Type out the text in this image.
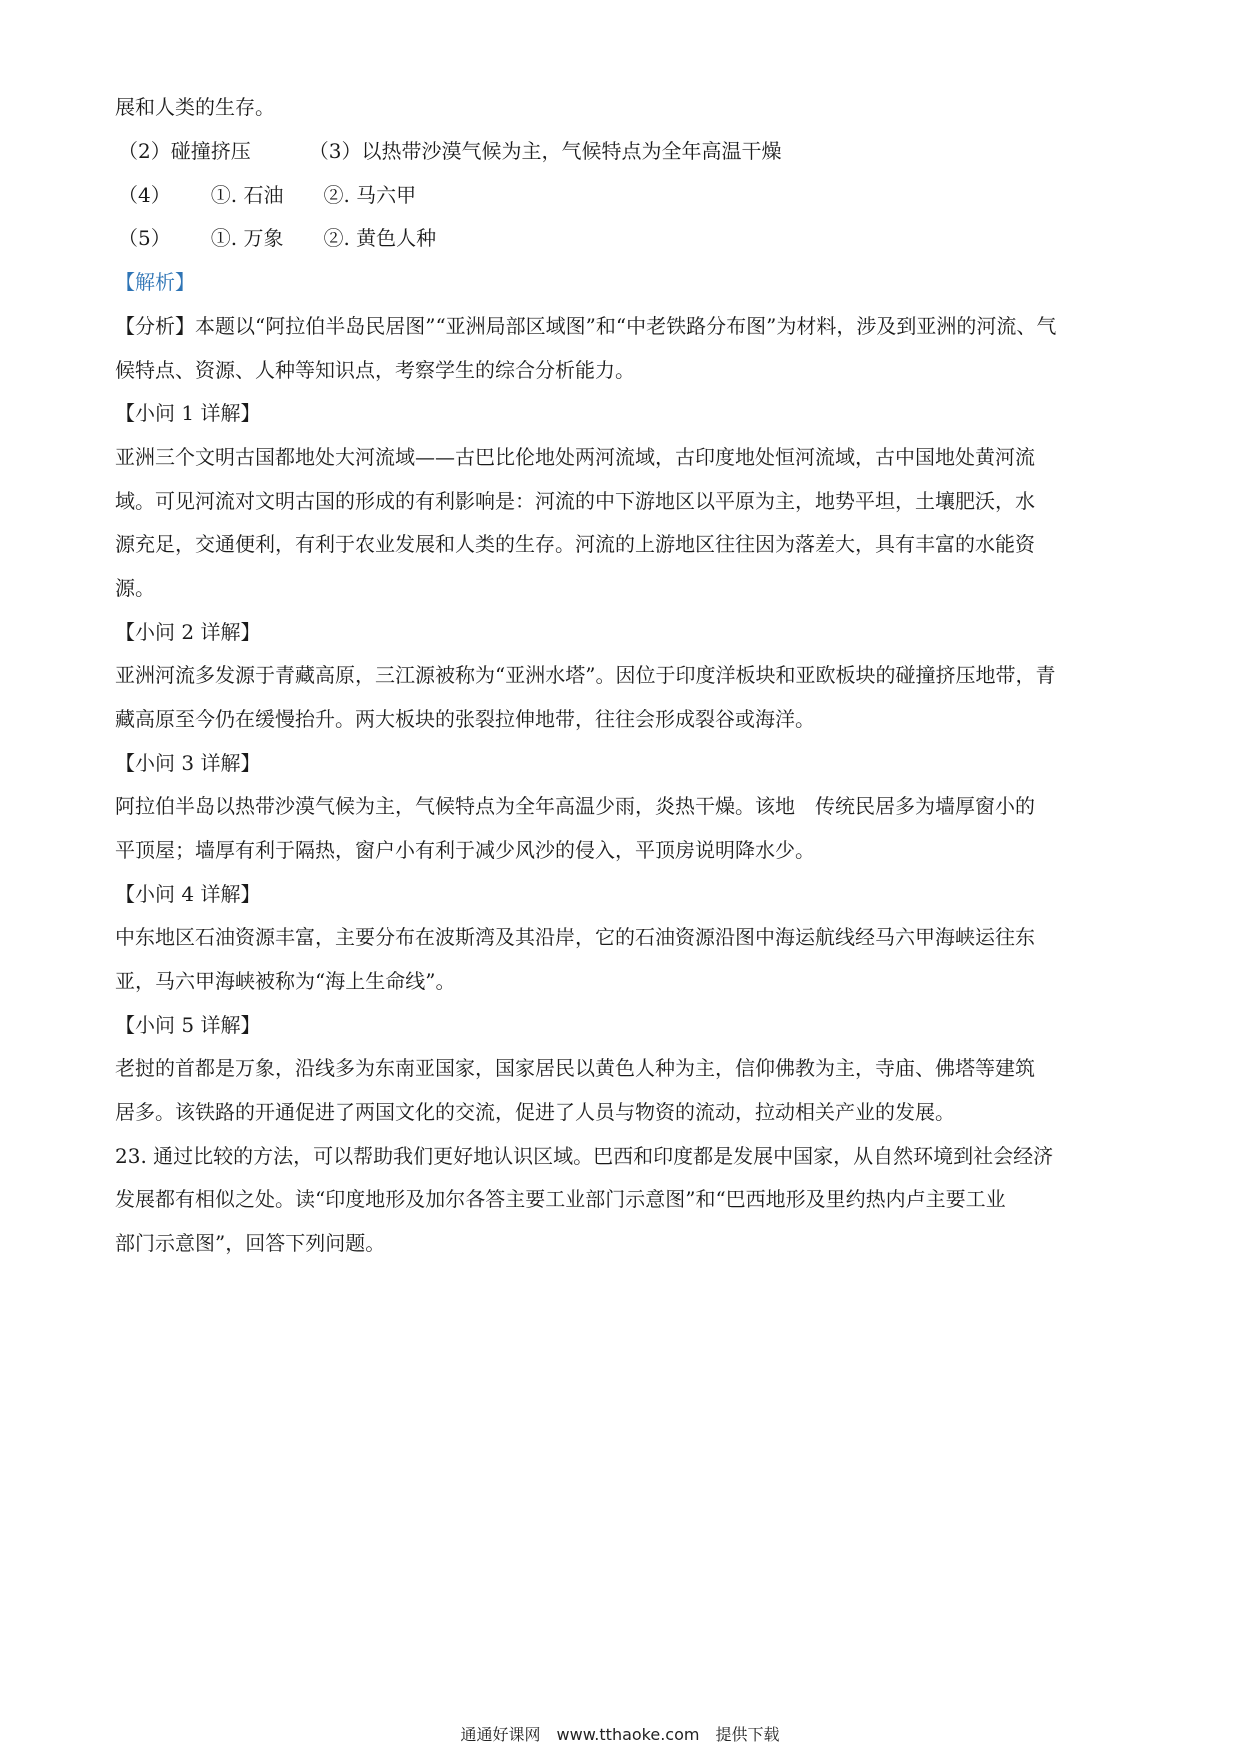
展和人类的生存。
（2）碰撞挤压	（3）以热带沙漠气候为主，气候特点为全年高温干燥
（4） ①. 石油 ②. 马六甲
（5） ①. 万象 ②. 黄色人种
【解析】
【分析】本题以“阿拉伯半岛民居图”“亚洲局部区域图”和“中老铁路分布图”为材料，涉及到亚洲的河流、气
候特点、资源、人种等知识点，考察学生的综合分析能力。
【小问 1 详解】
亚洲三个文明古国都地处大河流域——古巴比伦地处两河流域，古印度地处恒河流域，古中国地处黄河流
域。可见河流对文明古国的形成的有利影响是：河流的中下游地区以平原为主，地势平坦，土壤肥沃，水
源充足，交通便利，有利于农业发展和人类的生存。河流的上游地区往往因为落差大，具有丰富的水能资
源。
【小问 2 详解】
亚洲河流多发源于青藏高原，三江源被称为“亚洲水塔”。因位于印度洋板块和亚欧板块的碰撞挤压地带，青
藏高原至今仍在缓慢抬升。两大板块的张裂拉伸地带，往往会形成裂谷或海洋。
【小问 3 详解】
阿拉伯半岛以热带沙漠气候为主，气候特点为全年高温少雨，炎热干燥。该地　传统民居多为墙厚窗小的
平顶屋；墙厚有利于隔热，窗户小有利于减少风沙的侵入，平顶房说明降水少。
【小问 4 详解】
中东地区石油资源丰富，主要分布在波斯湾及其沿岸，它的石油资源沿图中海运航线经马六甲海峡运往东
亚，马六甲海峡被称为“海上生命线”。
【小问 5 详解】
老挝的首都是万象，沿线多为东南亚国家，国家居民以黄色人种为主，信仰佛教为主，寺庙、佛塔等建筑
居多。该铁路的开通促进了两国文化的交流，促进了人员与物资的流动，拉动相关产业的发展。
23. 通过比较的方法，可以帮助我们更好地认识区域。巴西和印度都是发展中国家，从自然环境到社会经济
发展都有相似之处。读“印度地形及加尔各答主要工业部门示意图”和“巴西地形及里约热内卢主要工业
部门示意图”，回答下列问题。
通通好课网　www.tthaoke.com　提供下载
